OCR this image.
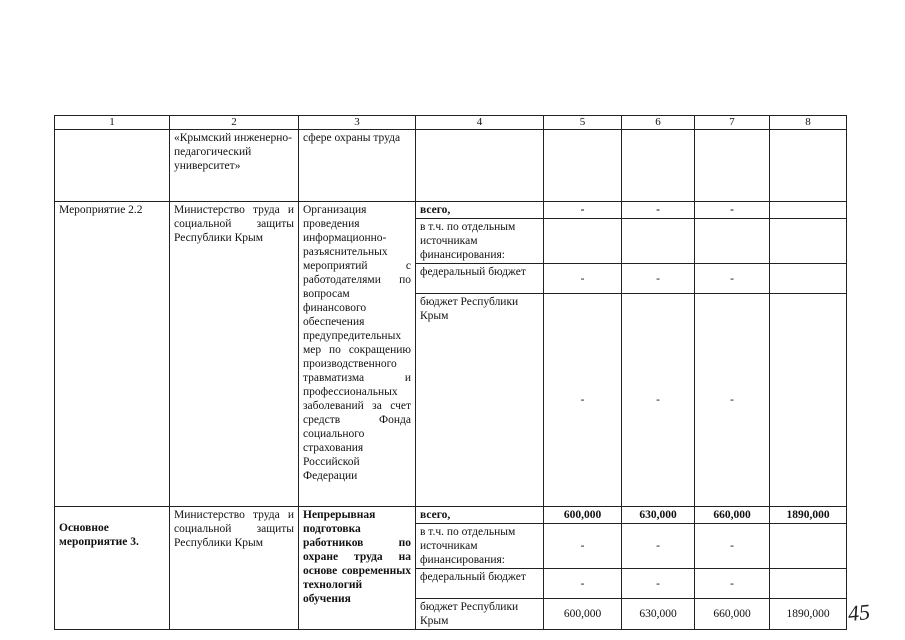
1	2	3	4	5	6	7	8
	«Крымский инженерно-педагогический университет»	сфере охраны труда					
Мероприятие 2.2	Министерство труда и социальной защиты Республики Крым	Организация проведения информационно-разъяснительных мероприятий с работодателями по вопросам финансового обеспечения предупредительных мер по сокращению производственного травматизма и профессиональных заболеваний за счет средств Фонда социального страхования Российской Федерации	всего,	-	-	-	
			в т.ч. по отдельным источникам финансирования:				
			федеральный бюджет	-	-	-	
			бюджет Республики Крым	-	-	-	
Основное мероприятие 3.	Министерство труда и социальной защиты Республики Крым	Непрерывная подготовка работников по охране труда на основе современных технологий обучения	всего,	600,000	630,000	660,000	1890,000
			в т.ч. по отдельным источникам финансирования:	-	-	-	
			федеральный бюджет	-	-	-	
			бюджет Республики Крым	600,000	630,000	660,000	1890,000 45
